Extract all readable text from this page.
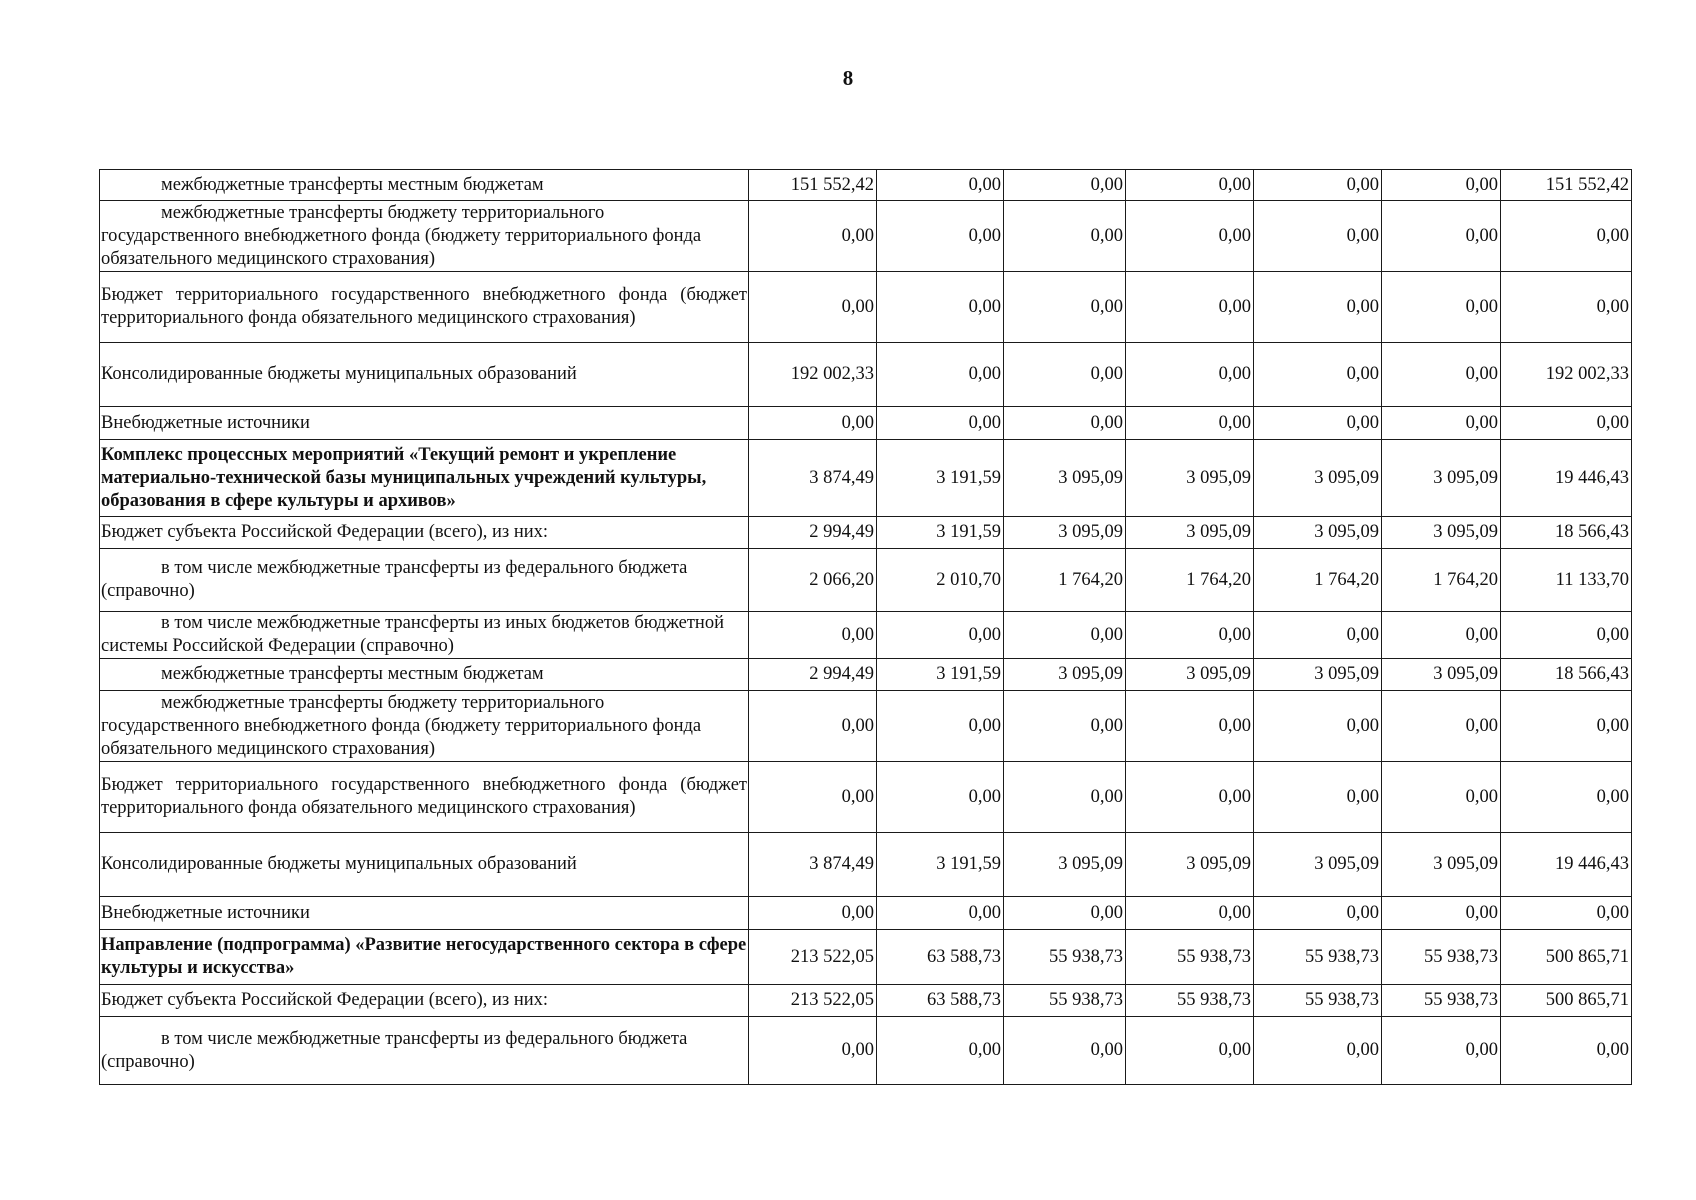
8
межбюджетные трансферты местным бюджетам	151 552,42	0,00	0,00	0,00	0,00	0,00	151 552,42
межбюджетные трансферты бюджету территориального государственного внебюджетного фонда (бюджету территориального фонда обязательного медицинского страхования)	0,00	0,00	0,00	0,00	0,00	0,00	0,00
Бюджет территориального государственного внебюджетного фонда (бюджет территориального фонда обязательного медицинского страхования)	0,00	0,00	0,00	0,00	0,00	0,00	0,00
Консолидированные бюджеты муниципальных образований	192 002,33	0,00	0,00	0,00	0,00	0,00	192 002,33
Внебюджетные источники	0,00	0,00	0,00	0,00	0,00	0,00	0,00
Комплекс процессных мероприятий «Текущий ремонт и укрепление материально-технической базы муниципальных учреждений культуры, образования в сфере культуры и архивов»	3 874,49	3 191,59	3 095,09	3 095,09	3 095,09	3 095,09	19 446,43
Бюджет субъекта Российской Федерации (всего), из них:	2 994,49	3 191,59	3 095,09	3 095,09	3 095,09	3 095,09	18 566,43
в том числе межбюджетные трансферты из федерального бюджета (справочно)	2 066,20	2 010,70	1 764,20	1 764,20	1 764,20	1 764,20	11 133,70
в том числе межбюджетные трансферты из иных бюджетов бюджетной системы Российской Федерации (справочно)	0,00	0,00	0,00	0,00	0,00	0,00	0,00
межбюджетные трансферты местным бюджетам	2 994,49	3 191,59	3 095,09	3 095,09	3 095,09	3 095,09	18 566,43
межбюджетные трансферты бюджету территориального государственного внебюджетного фонда (бюджету территориального фонда обязательного медицинского страхования)	0,00	0,00	0,00	0,00	0,00	0,00	0,00
Бюджет территориального государственного внебюджетного фонда (бюджет территориального фонда обязательного медицинского страхования)	0,00	0,00	0,00	0,00	0,00	0,00	0,00
Консолидированные бюджеты муниципальных образований	3 874,49	3 191,59	3 095,09	3 095,09	3 095,09	3 095,09	19 446,43
Внебюджетные источники	0,00	0,00	0,00	0,00	0,00	0,00	0,00
Направление (подпрограмма) «Развитие негосударственного сектора в сфере культуры и искусства»	213 522,05	63 588,73	55 938,73	55 938,73	55 938,73	55 938,73	500 865,71
Бюджет субъекта Российской Федерации (всего), из них:	213 522,05	63 588,73	55 938,73	55 938,73	55 938,73	55 938,73	500 865,71
в том числе межбюджетные трансферты из федерального бюджета (справочно)	0,00	0,00	0,00	0,00	0,00	0,00	0,00
